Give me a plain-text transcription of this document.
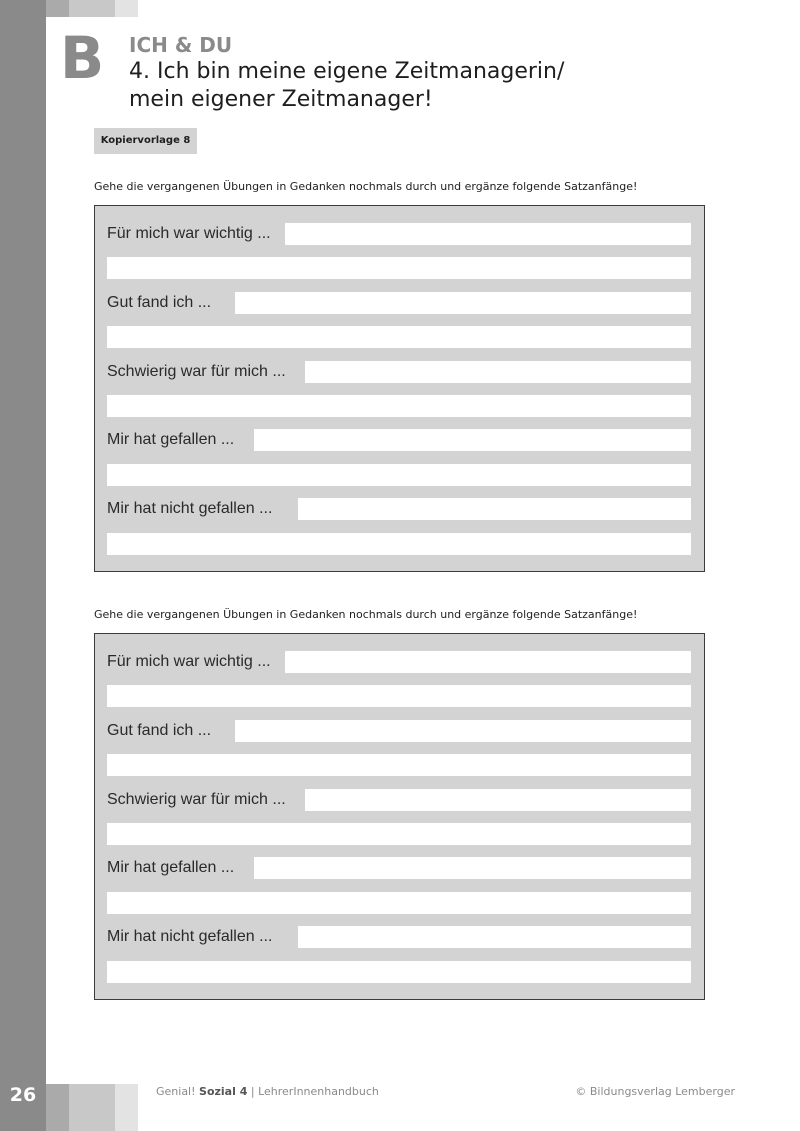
B ICH & DU
4. Ich bin meine eigene Zeitmanagerin/
mein eigener Zeitmanager!
Kopiervorlage 8
Gehe die vergangenen Übungen in Gedanken nochmals durch und ergänze folgende Satzanfänge!
Für mich war wichtig ...
Gut fand ich ...
Schwierig war für mich ...
Mir hat gefallen ...
Mir hat nicht gefallen ...
Gehe die vergangenen Übungen in Gedanken nochmals durch und ergänze folgende Satzanfänge!
Für mich war wichtig ...
Gut fand ich ...
Schwierig war für mich ...
Mir hat gefallen ...
Mir hat nicht gefallen ...
26	Genial! Sozial 4 | LehrerInnenhandbuch	© Bildungsverlag Lemberger
